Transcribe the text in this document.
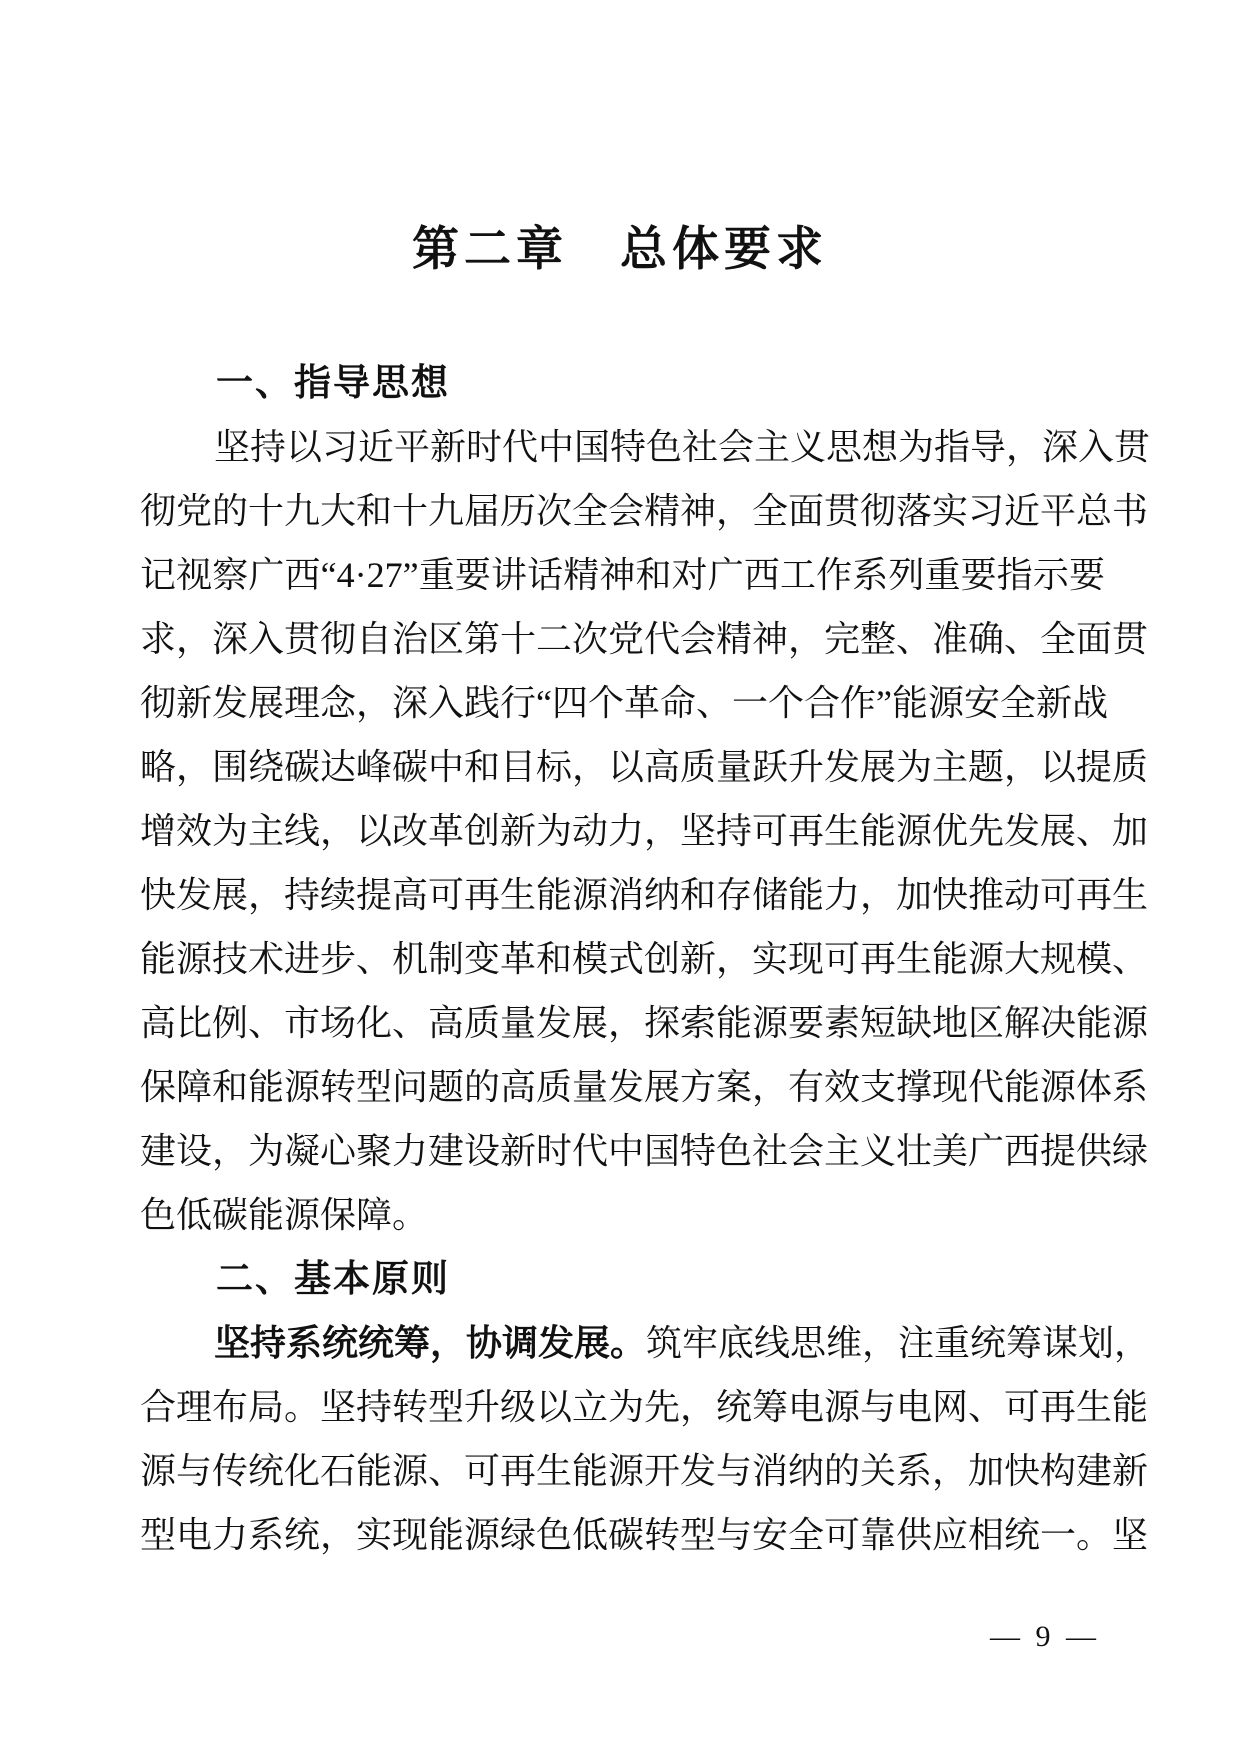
第二章　总体要求
一、指导思想
坚持以习近平新时代中国特色社会主义思想为指导，深入贯
彻党的十九大和十九届历次全会精神，全面贯彻落实习近平总书
记视察广西“4·27”重要讲话精神和对广西工作系列重要指示要
求，深入贯彻自治区第十二次党代会精神，完整、准确、全面贯
彻新发展理念，深入践行“四个革命、一个合作”能源安全新战
略，围绕碳达峰碳中和目标，以高质量跃升发展为主题，以提质
增效为主线，以改革创新为动力，坚持可再生能源优先发展、加
快发展，持续提高可再生能源消纳和存储能力，加快推动可再生
能源技术进步、机制变革和模式创新，实现可再生能源大规模、
高比例、市场化、高质量发展，探索能源要素短缺地区解决能源
保障和能源转型问题的高质量发展方案，有效支撑现代能源体系
建设，为凝心聚力建设新时代中国特色社会主义壮美广西提供绿
色低碳能源保障。
二、基本原则
坚持系统统筹，协调发展。筑牢底线思维，注重统筹谋划，
合理布局。坚持转型升级以立为先，统筹电源与电网、可再生能
源与传统化石能源、可再生能源开发与消纳的关系，加快构建新
型电力系统，实现能源绿色低碳转型与安全可靠供应相统一。坚
— 9 —
